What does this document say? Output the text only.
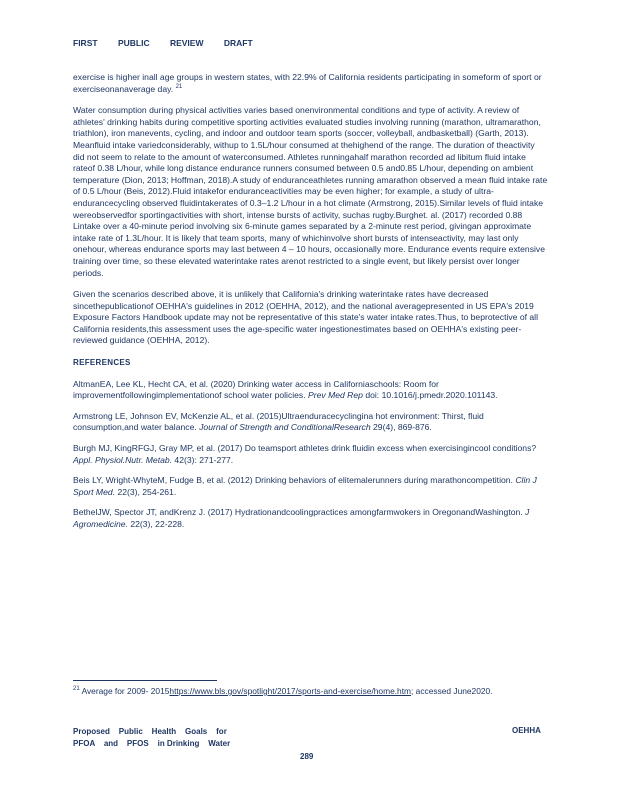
FIRST PUBLIC REVIEW DRAFT

exercise is higher inall age groups in western states, with 22.9% of California residents participating in someform of sport or exerciseonanaverage day. $^{21}$

Water consumption during physical activities varies based onenvironmental conditions and type of activity. A review of athletes' drinking habits during competitive sporting activities evaluated studies involving running (marathon, ultramarathon, triathlon), iron manevents, cycling, and indoor and outdoor team sports (soccer, volleyball, andbasketball) (Garth, 2013). Meanfluid intake variedconsiderably, withup to 1.5L/hour consumed at thehighend of the range. The duration of theactivity did not seem to relate to the amount of waterconsumed. Athletes runningahalf marathon recorded ad libitum fluid intake rateof 0.38 L/hour, while long distance endurance runners consumed between 0.5 and0.85 L/hour, depending on ambient temperature (Dion, 2013; Hoffman, 2018).A study of enduranceathletes running amarathon observed a mean fluid intake rate of 0.5 L/hour (Beis, 2012).Fluid intakefor enduranceactivities may be even higher; for example, a study of ultra-endurancecycling observed fluidintakerates of 0.3–1.2 L/hour in a hot climate (Armstrong, 2015).Similar levels of fluid intake wereobservedfor sportingactivities with short, intense bursts of activity, suchas rugby.Burghet. al. (2017) recorded 0.88 Lintake over a 40-minute period involving six 6-minute games separated by a 2-minute rest period, givingan approximate intake rate of 1.3L/hour. It is likely that team sports, many of whichinvolve short bursts of intenseactivity, may last only onehour, whereas endurance sports may last between 4 – 10 hours, occasionally more. Endurance events require extensive training over time, so these elevated waterintake rates arenot restricted to a single event, but likely persist over longer periods.

Given the scenarios described above, it is unlikely that California's drinking waterintake rates have decreased sincethepublicationof OEHHA's guidelines in 2012 (OEHHA, 2012), and the national averagepresented in US EPA's 2019 Exposure Factors Handbook update may not be representative of this state's water intake rates.Thus, to beprotective of all California residents,this assessment uses the age-specific water ingestionestimates based on OEHHA's existing peer-reviewed guidance (OEHHA, 2012).

REFERENCES
AltmanEA, Lee KL, Hecht CA, et al. (2020) Drinking water access in Californiaschools: Room for improvementfollowingimplementationof school water policies. Prev Med Rep doi: 10.1016/j.pmedr.2020.101143.
Armstrong LE, Johnson EV, McKenzie AL, et al. (2015)Ultraenduracecyclingina hot environment: Thirst, fluid consumption,and water balance. Journal of Strength and ConditionalResearch 29(4), 869-876.
Burgh MJ, KingRFGJ, Gray MP, et al. (2017) Do teamsport athletes drink fluidin excess when exercisingincool conditions? Appl. Physiol.Nutr. Metab. 42(3): 271-277.
Beis LY, Wright-WhyteM, Fudge B, et al. (2012) Drinking behaviors of elitemalerunners during marathoncompetition. Clin J Sport Med. 22(3), 254-261.
BethelJW, Spector JT, andKrenz J. (2017) Hydrationandcoolingpractices amongfarmwokers in OregonandWashington. J Agromedicine. 22(3), 22-228.
$^{21}$ Average for 2009- 2015https://www.bls.gov/spotlight/2017/sports-and-exercise/home.htm; accessed June2020.
Proposed    Public    Health    Goals    for
PFOA    and    PFOS    in Drinking    Water
OEHHA
289
